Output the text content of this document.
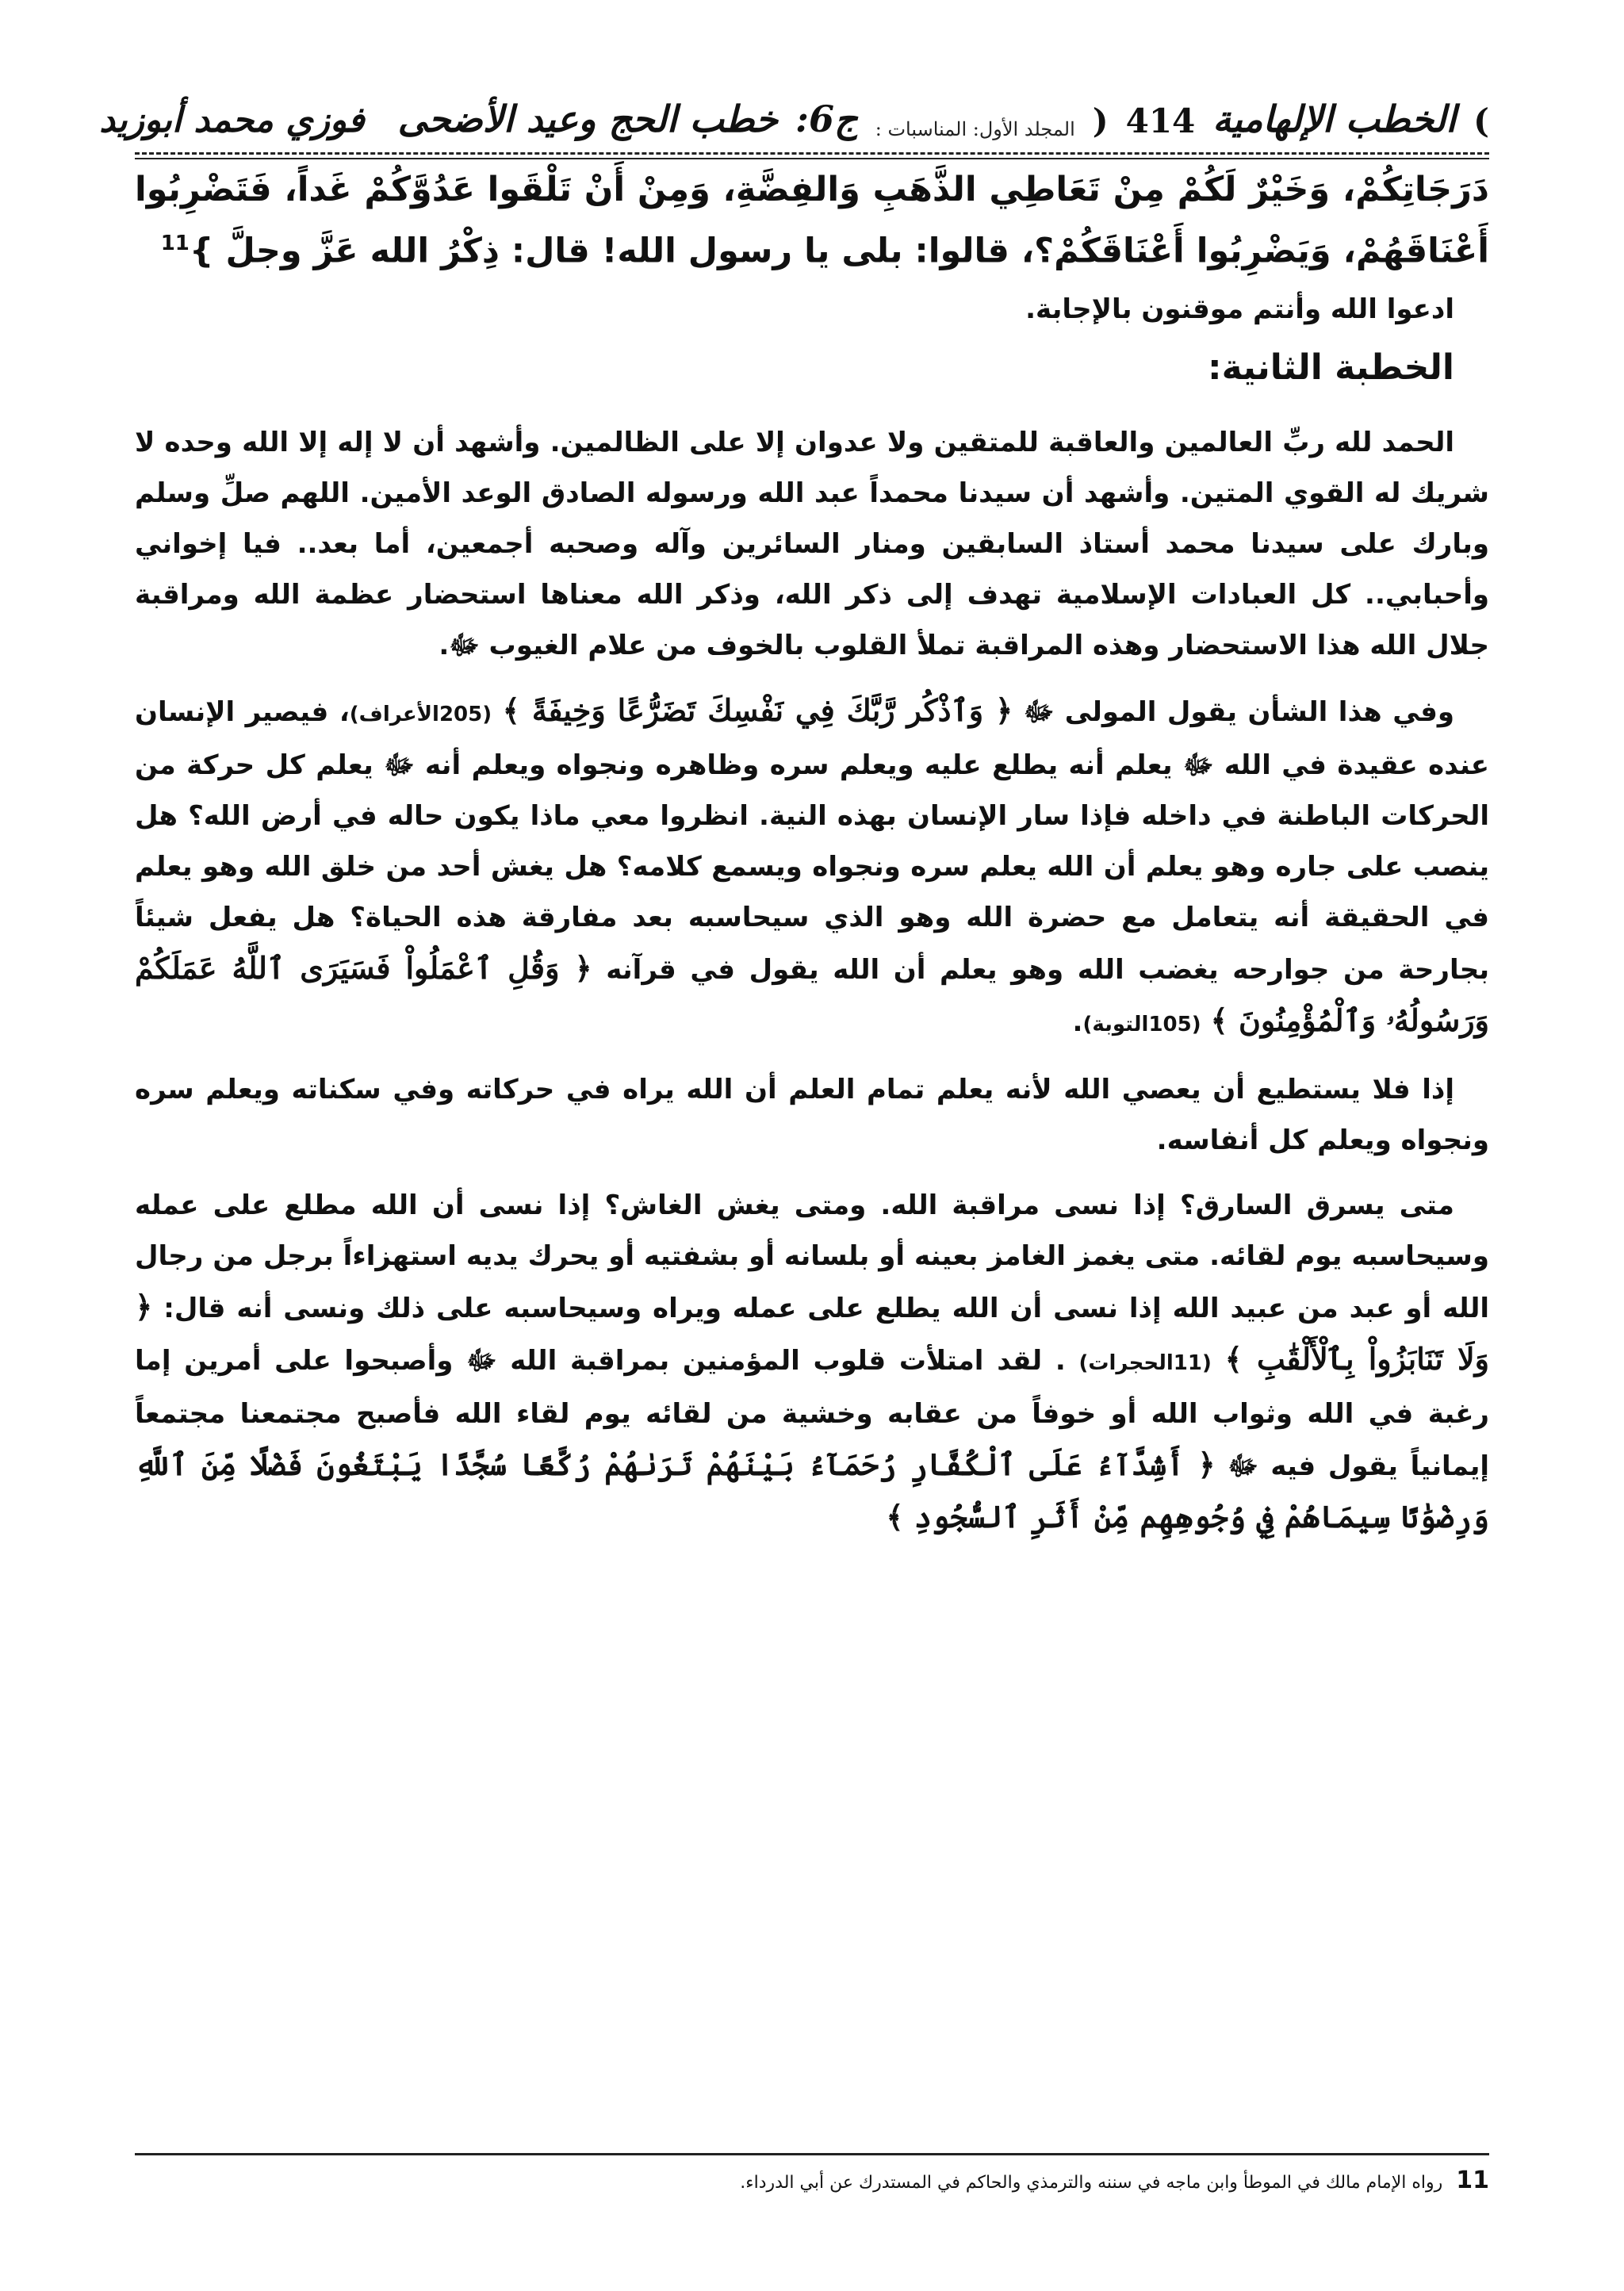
)
الخطب الإلهامية
414
(
المجلد الأول: المناسبات :
ج6:
خطب الحج وعيد الأضحى
فوزي محمد أبوزيد

دَرَجَاتِكُمْ، وَخَيْرٌ لَكُمْ مِنْ تَعَاطِي الذَّهَبِ وَالفِضَّةِ، وَمِنْ أَنْ تَلْقَوا عَدُوَّكُمْ غَداً، فَتَضْرِبُوا أَعْنَاقَهُمْ، وَيَضْرِبُوا أَعْنَاقَكُمْ؟، قالوا: بلى يا رسول الله! قال: ذِكْرُ الله عَزَّ وجلَّ }$^{11}$

ادعوا الله وأنتم موقنون بالإجابة.

الخطبة الثانية:

الحمد لله ربِّ العالمين والعاقبة للمتقين ولا عدوان إلا على الظالمين. وأشهد أن لا إله إلا الله وحده لا شريك له القوي المتين. وأشهد أن سيدنا محمداً عبد الله ورسوله الصادق الوعد الأمين. اللهم صلِّ وسلم وبارك على سيدنا محمد أستاذ السابقين ومنار السائرين وآله وصحبه أجمعين، أما بعد.. فيا إخواني وأحبابي.. كل العبادات الإسلامية تهدف إلى ذكر الله، وذكر الله معناها استحضار عظمة الله ومراقبة جلال الله هذا الاستحضار وهذه المراقبة تملأ القلوب بالخوف من علام الغيوب ﷻ.

وفي هذا الشأن يقول المولى ﷻ ﴿ وَٱذْكُر رَّبَّكَ فِي نَفْسِكَ تَضَرُّعًا وَخِيفَةً ﴾ (205الأعراف)، فيصير الإنسان عنده عقيدة في الله ﷻ يعلم أنه يطلع عليه ويعلم سره وظاهره ونجواه ويعلم أنه ﷻ يعلم كل حركة من الحركات الباطنة في داخله فإذا سار الإنسان بهذه النية. انظروا معي ماذا يكون حاله في أرض الله؟ هل ينصب على جاره وهو يعلم أن الله يعلم سره ونجواه ويسمع كلامه؟ هل يغش أحد من خلق الله وهو يعلم في الحقيقة أنه يتعامل مع حضرة الله وهو الذي سيحاسبه بعد مفارقة هذه الحياة؟ هل يفعل شيئاً بجارحة من جوارحه يغضب الله وهو يعلم أن الله يقول في قرآنه ﴿ وَقُلِ ٱعْمَلُواْ فَسَيَرَى ٱللَّهُ عَمَلَكُمْ وَرَسُولُهُۥ وَٱلْمُؤْمِنُونَ ﴾ (105التوبة).

إذا فلا يستطيع أن يعصي الله لأنه يعلم تمام العلم أن الله يراه في حركاته وفي سكناته ويعلم سره ونجواه ويعلم كل أنفاسه.

متى يسرق السارق؟ إذا نسى مراقبة الله. ومتى يغش الغاش؟ إذا نسى أن الله مطلع على عمله وسيحاسبه يوم لقائه. متى يغمز الغامز بعينه أو بلسانه أو بشفتيه أو يحرك يديه استهزاءاً برجل من رجال الله أو عبد من عبيد الله إذا نسى أن الله يطلع على عمله ويراه وسيحاسبه على ذلك ونسى أنه قال: ﴿ وَلَا تَنَابَزُواْ بِٱلْأَلْقَٰبِ ﴾ (11الحجرات) . لقد امتلأت قلوب المؤمنين بمراقبة الله ﷻ وأصبحوا على أمرين إما رغبة في الله وثواب الله أو خوفاً من عقابه وخشية من لقائه يوم لقاء الله فأصبح مجتمعنا مجتمعاً إيمانياً يقول فيه ﷻ ﴿ أَشِدَّآءُ عَلَى ٱلْكُفَّارِ رُحَمَآءُ بَيْنَهُمْ تَرَىٰهُمْ رُكَّعًا سُجَّدًا يَبْتَغُونَ فَضْلًا مِّنَ ٱللَّهِ وَرِضْوَٰنًا سِيمَاهُمْ فِي وُجُوهِهِم مِّنْ أَثَرِ ٱلسُّجُودِ ﴾

11 رواه الإمام مالك في الموطأ وابن ماجه في سننه والترمذي والحاكم في المستدرك عن أبي الدرداء.
